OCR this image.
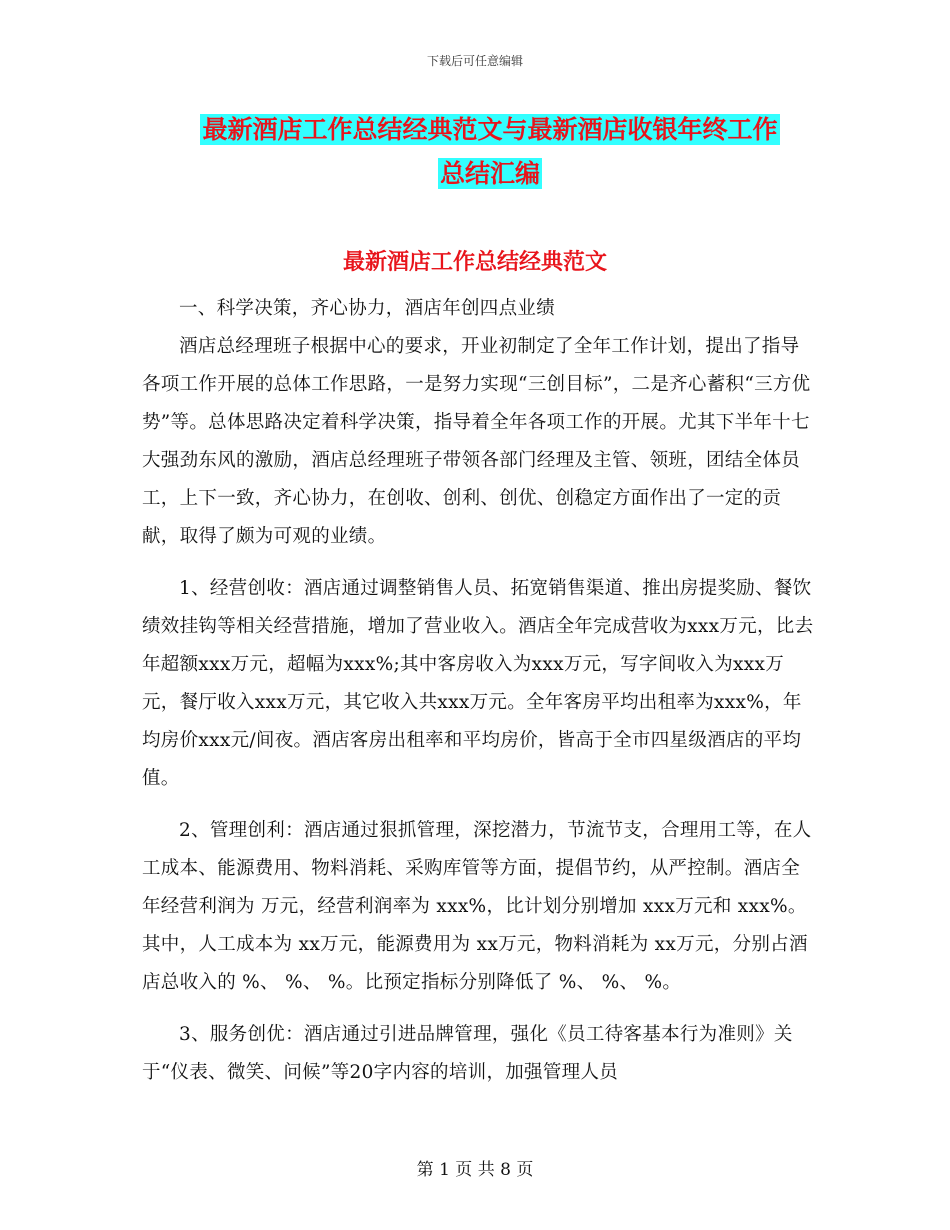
下载后可任意编辑
最新酒店工作总结经典范文与最新酒店收银年终工作
总结汇编
最新酒店工作总结经典范文

一、科学决策，齐心协力，酒店年创四点业绩

酒店总经理班子根据中心的要求，开业初制定了全年工作计划，提出了指导各项工作开展的总体工作思路，一是努力实现“三创目标”，二是齐心蓄积“三方优势”等。总体思路决定着科学决策，指导着全年各项工作的开展。尤其下半年十七大强劲东风的激励，酒店总经理班子带领各部门经理及主管、领班，团结全体员工，上下一致，齐心协力，在创收、创利、创优、创稳定方面作出了一定的贡献，取得了颇为可观的业绩。

1、经营创收：酒店通过调整销售人员、拓宽销售渠道、推出房提奖励、餐饮绩效挂钩等相关经营措施，增加了营业收入。酒店全年完成营收为xxx万元，比去年超额xxx万元，超幅为xxx%;其中客房收入为xxx万元，写字间收入为xxx万元，餐厅收入xxx万元，其它收入共xxx万元。全年客房平均出租率为xxx%，年均房价xxx元/间夜。酒店客房出租率和平均房价，皆高于全市四星级酒店的平均值。

2、管理创利：酒店通过狠抓管理，深挖潜力，节流节支，合理用工等，在人工成本、能源费用、物料消耗、采购库管等方面，提倡节约，从严控制。酒店全年经营利润为 万元，经营利润率为 xxx%，比计划分别增加 xxx万元和 xxx%。其中，人工成本为 xx万元，能源费用为 xx万元，物料消耗为 xx万元，分别占酒店总收入的 %、 %、 %。比预定指标分别降低了 %、 %、 %。

3、服务创优：酒店通过引进品牌管理，强化《员工待客基本行为准则》关于“仪表、微笑、问候”等20字内容的培训，加强管理人员

第 1 页 共 8 页
